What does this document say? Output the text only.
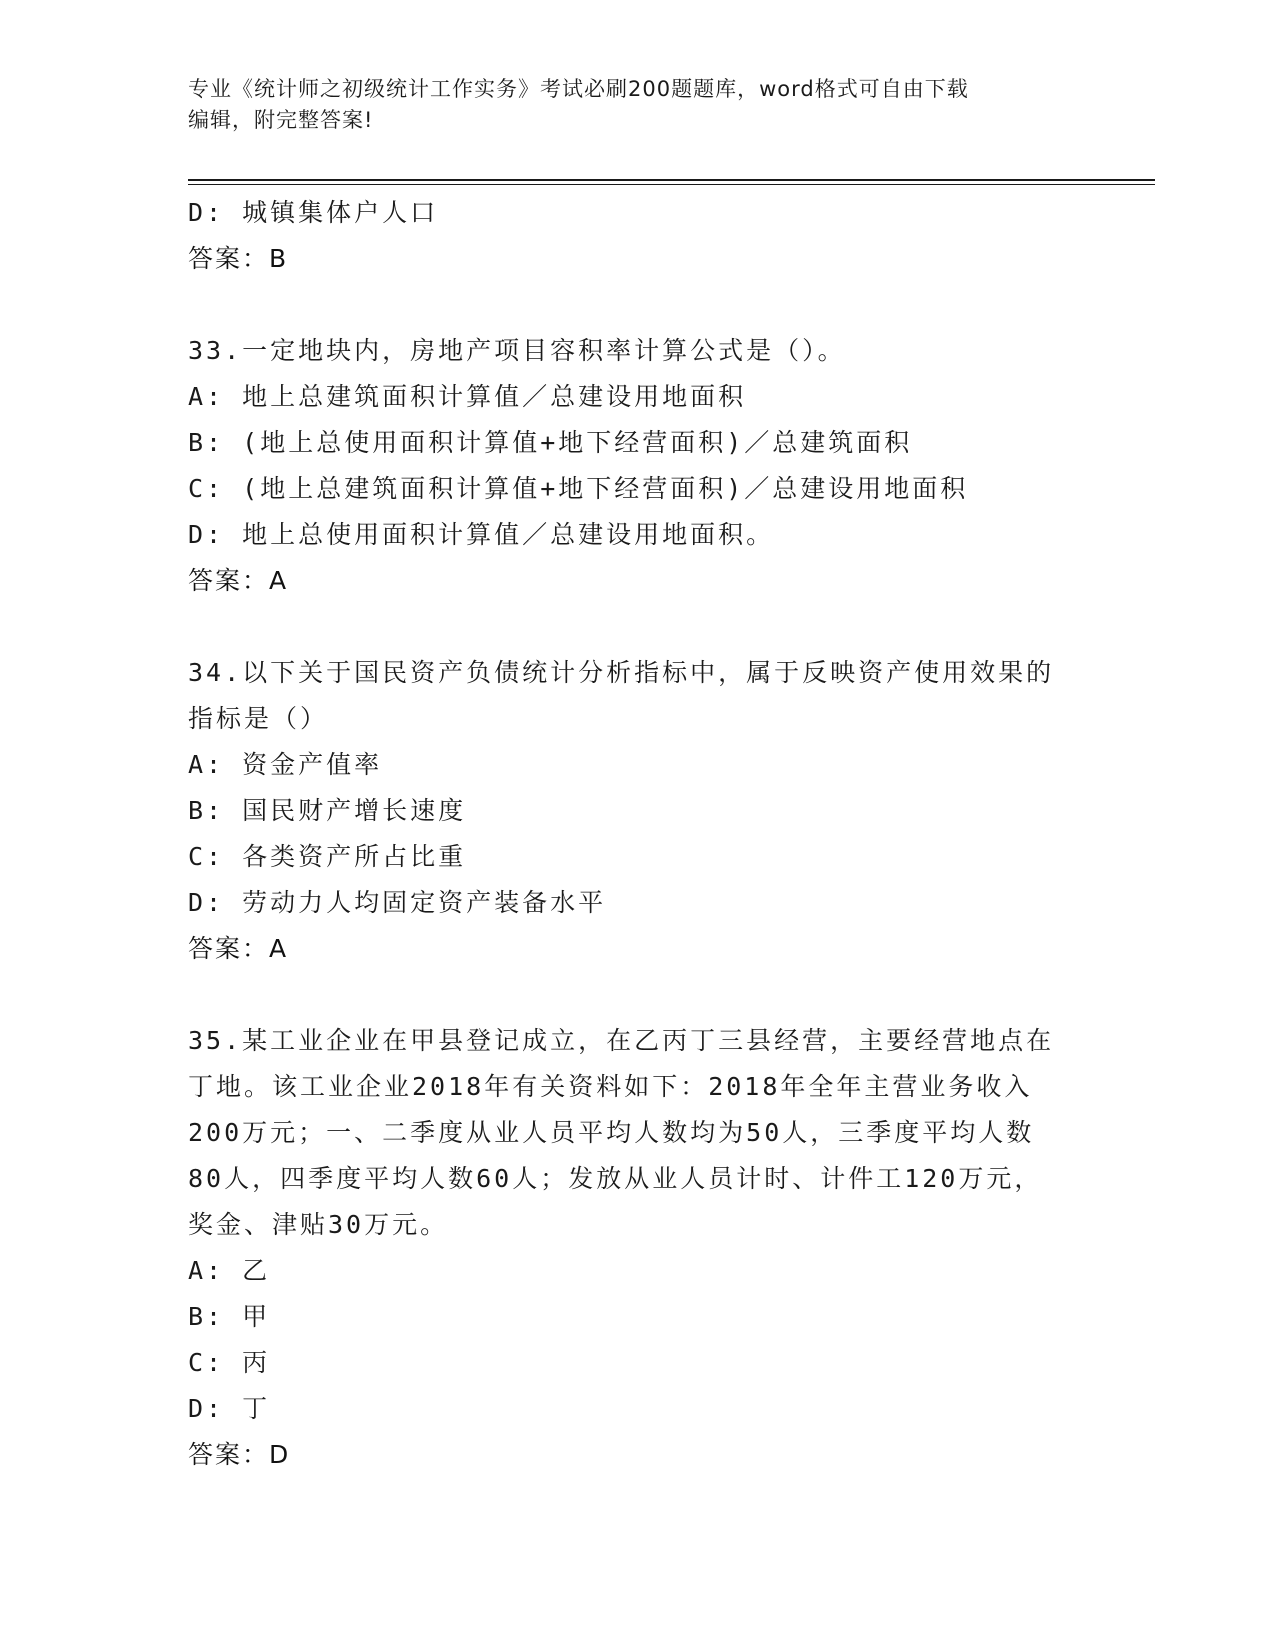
专业《统计师之初级统计工作实务》考试必刷200题题库，word格式可自由下载
编辑，附完整答案!
D: 城镇集体户人口
答案：B
33.一定地块内，房地产项目容积率计算公式是（）。
A: 地上总建筑面积计算值／总建设用地面积
B: (地上总使用面积计算值+地下经营面积)／总建筑面积
C: (地上总建筑面积计算值+地下经营面积)／总建设用地面积
D: 地上总使用面积计算值／总建设用地面积。
答案：A
34.以下关于国民资产负债统计分析指标中，属于反映资产使用效果的
指标是（）
A: 资金产值率
B: 国民财产增长速度
C: 各类资产所占比重
D: 劳动力人均固定资产装备水平
答案：A
35.某工业企业在甲县登记成立，在乙丙丁三县经营，主要经营地点在
丁地。该工业企业2018年有关资料如下：2018年全年主营业务收入
200万元；一、二季度从业人员平均人数均为50人，三季度平均人数
80人，四季度平均人数60人；发放从业人员计时、计件工120万元，
奖金、津贴30万元。
A: 乙
B: 甲
C: 丙
D: 丁
答案：D
